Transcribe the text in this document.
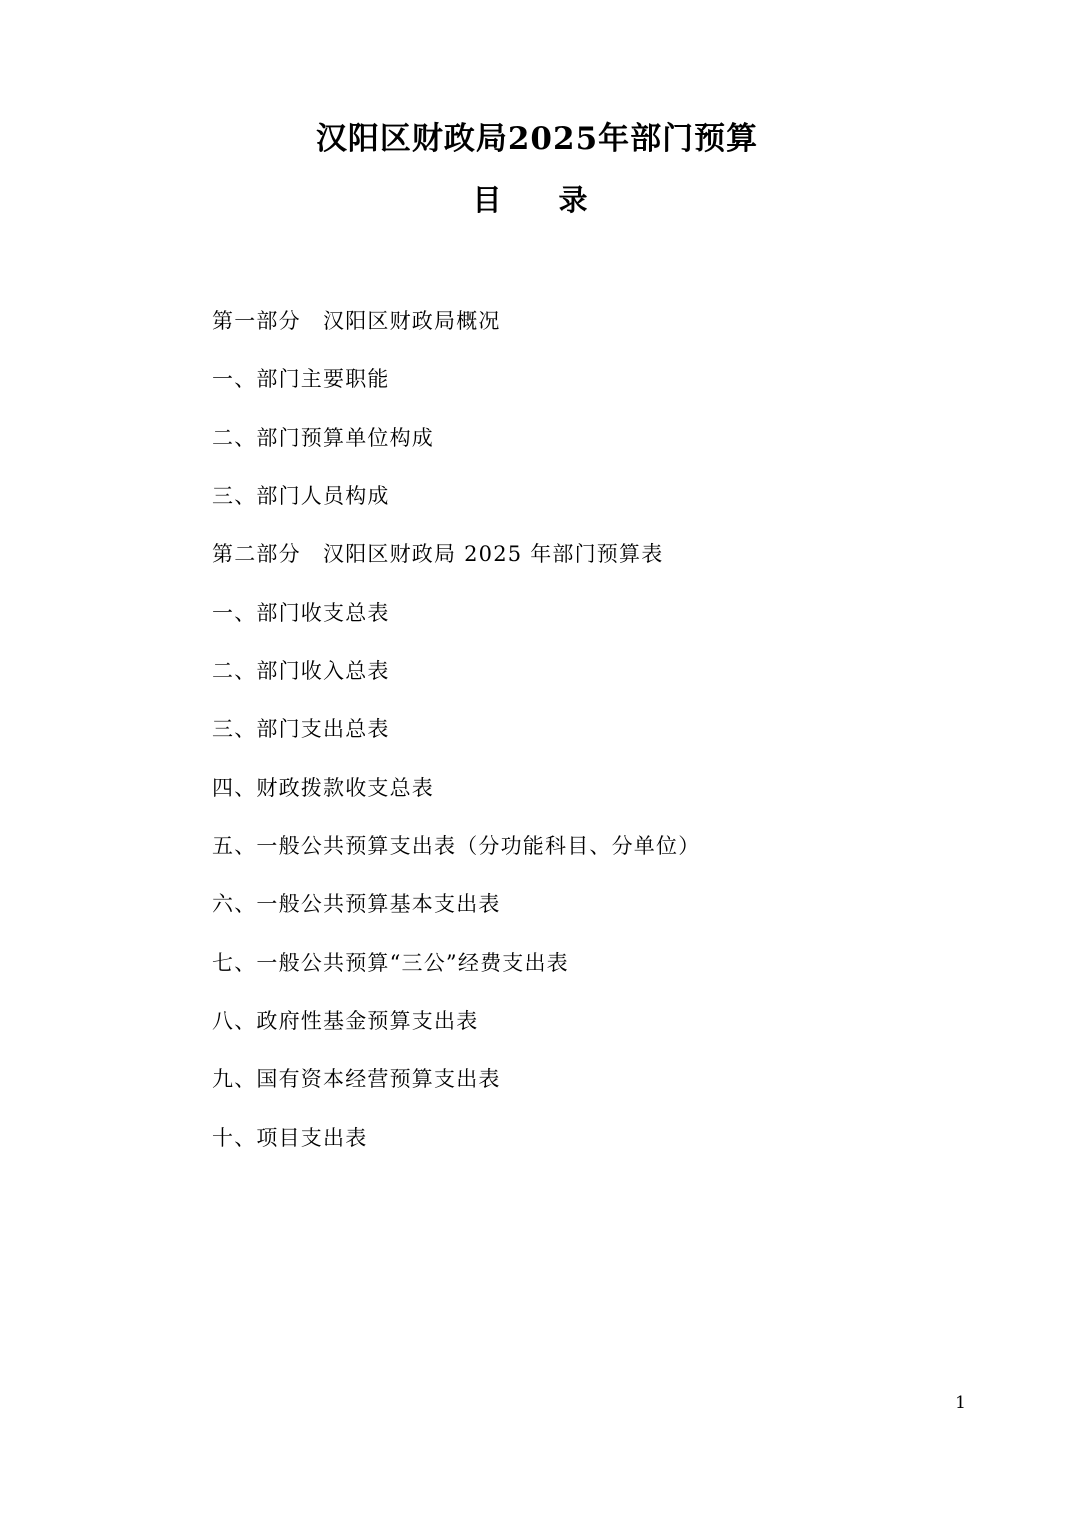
汉阳区财政局2025年部门预算
目　录

第一部分　汉阳区财政局概况

一、部门主要职能

二、部门预算单位构成

三、部门人员构成

第二部分　汉阳区财政局 2025 年部门预算表

一、部门收支总表

二、部门收入总表

三、部门支出总表

四、财政拨款收支总表

五、一般公共预算支出表（分功能科目、分单位）

六、一般公共预算基本支出表

七、一般公共预算“三公”经费支出表

八、政府性基金预算支出表

九、国有资本经营预算支出表

十、项目支出表

1
